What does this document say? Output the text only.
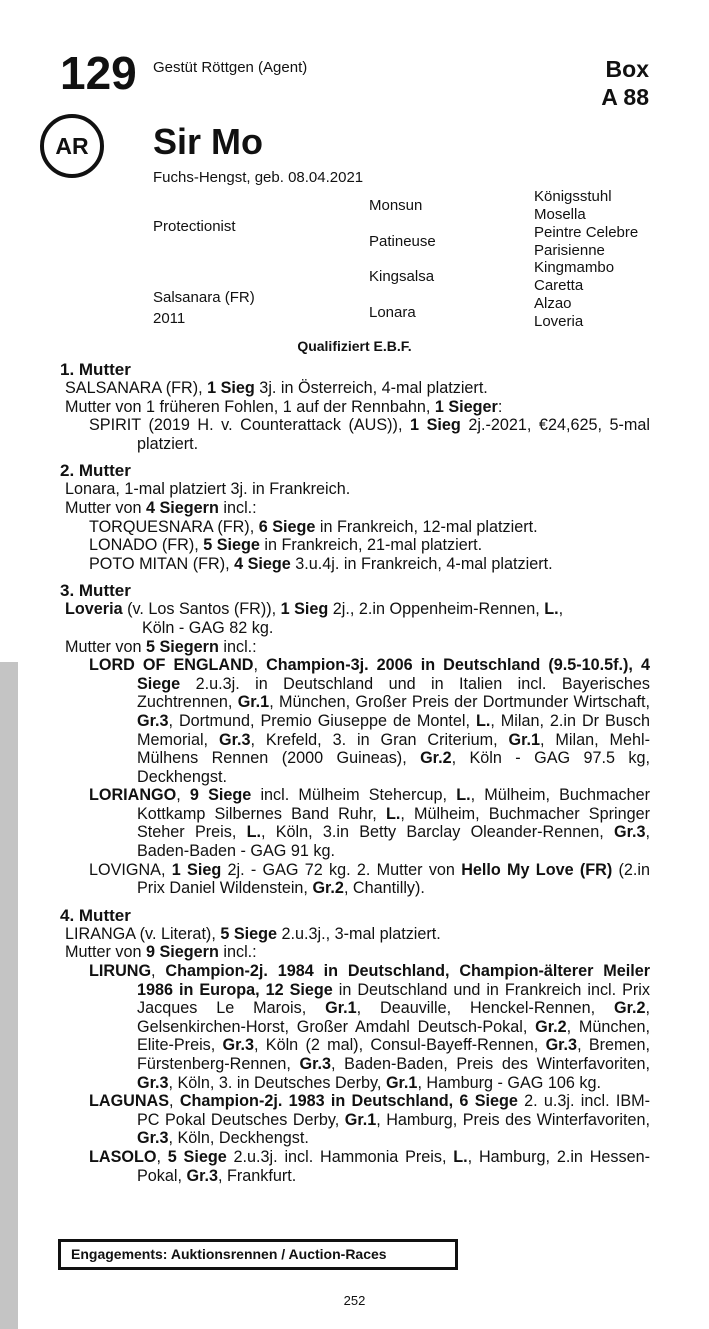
129 Gestüt Röttgen (Agent)	Box
A 88
AR	Sir Mo
Fuchs-Hengst, geb. 08.04.2021
Protectionist
Salsanara (FR)
2011
Monsun
Patineuse
Kingsalsa
Lonara
Königsstuhl
Mosella
Peintre Celebre
Parisienne
Kingmambo
Caretta
Alzao
Loveria
Qualifiziert E.B.F.
1. Mutter
SALSANARA (FR), 1 Sieg 3j. in Österreich, 4-mal platziert.
Mutter von 1 früheren Fohlen, 1 auf der Rennbahn, 1 Sieger:
SPIRIT (2019 H. v. Counterattack (AUS)), 1 Sieg 2j.-2021, €24,625, 5-mal platziert.
2. Mutter
Lonara, 1-mal platziert 3j. in Frankreich.
Mutter von 4 Siegern incl.:
TORQUESNARA (FR), 6 Siege in Frankreich, 12-mal platziert.
LONADO (FR), 5 Siege in Frankreich, 21-mal platziert.
POTO MITAN (FR), 4 Siege 3.u.4j. in Frankreich, 4-mal platziert.
3. Mutter
Loveria (v. Los Santos (FR)), 1 Sieg 2j., 2.in Oppenheim-Rennen, L.,
Köln - GAG 82 kg.
Mutter von 5 Siegern incl.:
LORD OF ENGLAND, Champion-3j. 2006 in Deutschland (9.5-10.5f.), 4 Siege 2.u.3j. in Deutschland und in Italien incl. Bayerisches Zuchtrennen, Gr.1, München, Großer Preis der Dortmunder Wirtschaft, Gr.3, Dortmund, Premio Giuseppe de Montel, L., Milan, 2.in Dr Busch Memorial, Gr.3, Krefeld, 3. in Gran Criterium, Gr.1, Milan, Mehl-Mülhens Rennen (2000 Guineas), Gr.2, Köln - GAG 97.5 kg, Deckhengst.
LORIANGO, 9 Siege incl. Mülheim Stehercup, L., Mülheim, Buchmacher Kottkamp Silbernes Band Ruhr, L., Mülheim, Buchmacher Springer Steher Preis, L., Köln, 3.in Betty Barclay Oleander-Rennen, Gr.3, Baden-Baden - GAG 91 kg.
LOVIGNA, 1 Sieg 2j. - GAG 72 kg. 2. Mutter von Hello My Love (FR) (2.in Prix Daniel Wildenstein, Gr.2, Chantilly).
4. Mutter
LIRANGA (v. Literat), 5 Siege 2.u.3j., 3-mal platziert.
Mutter von 9 Siegern incl.:
LIRUNG, Champion-2j. 1984 in Deutschland, Champion-älterer Meiler 1986 in Europa, 12 Siege in Deutschland und in Frankreich incl. Prix Jacques Le Marois, Gr.1, Deauville, Henckel-Rennen, Gr.2, Gelsenkirchen-Horst, Großer Amdahl Deutsch-Pokal, Gr.2, München, Elite-Preis, Gr.3, Köln (2 mal), Consul-Bayeff-Rennen, Gr.3, Bremen, Fürstenberg-Rennen, Gr.3, Baden-Baden, Preis des Winterfavoriten, Gr.3, Köln, 3. in Deutsches Derby, Gr.1, Hamburg - GAG 106 kg.
LAGUNAS, Champion-2j. 1983 in Deutschland, 6 Siege 2. u.3j. incl. IBM-PC Pokal Deutsches Derby, Gr.1, Hamburg, Preis des Winterfavoriten, Gr.3, Köln, Deckhengst.
LASOLO, 5 Siege 2.u.3j. incl. Hammonia Preis, L., Hamburg, 2.in Hessen-Pokal, Gr.3, Frankfurt.
Engagements: Auktionsrennen / Auction-Races
252
